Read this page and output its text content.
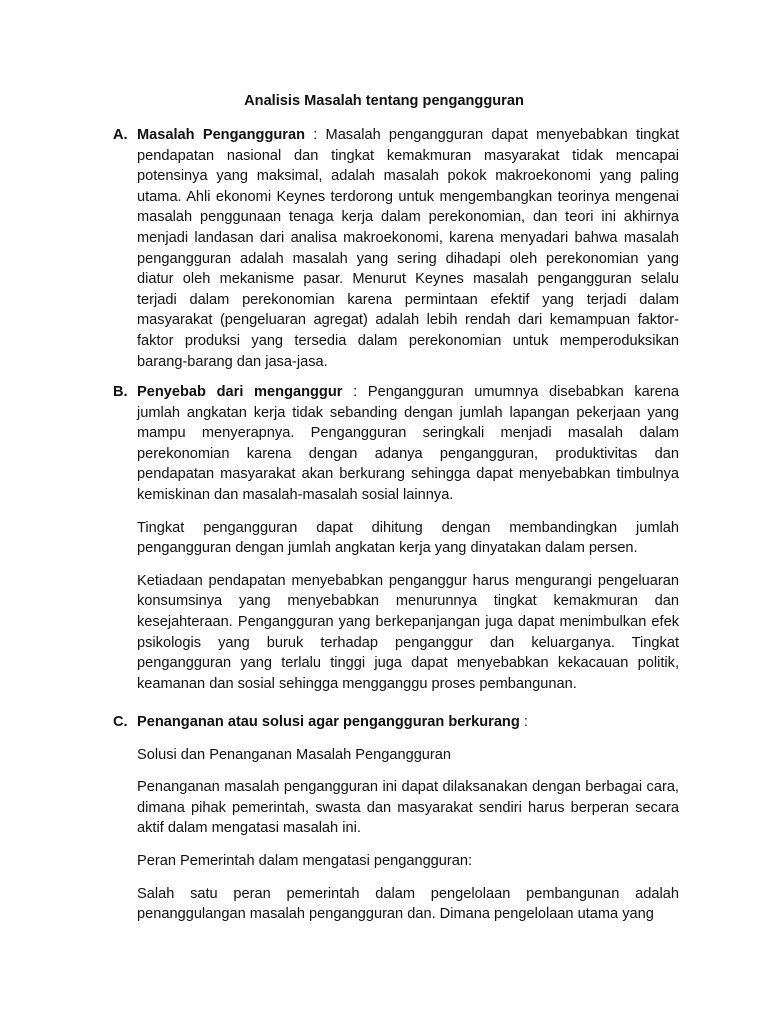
Analisis Masalah tentang pengangguran
A. Masalah Pengangguran : Masalah pengangguran dapat menyebabkan tingkat pendapatan nasional dan tingkat kemakmuran masyarakat tidak mencapai potensinya yang maksimal, adalah masalah pokok makroekonomi yang paling utama. Ahli ekonomi Keynes terdorong untuk mengembangkan teorinya mengenai masalah penggunaan tenaga kerja dalam perekonomian, dan teori ini akhirnya menjadi landasan dari analisa makroekonomi, karena menyadari bahwa masalah pengangguran adalah masalah yang sering dihadapi oleh perekonomian yang diatur oleh mekanisme pasar. Menurut Keynes masalah pengangguran selalu terjadi dalam perekonomian karena permintaan efektif yang terjadi dalam masyarakat (pengeluaran agregat) adalah lebih rendah dari kemampuan faktor-faktor produksi yang tersedia dalam perekonomian untuk memperoduksikan barang-barang dan jasa-jasa.

B. Penyebab dari menganggur : Pengangguran umumnya disebabkan karena jumlah angkatan kerja tidak sebanding dengan jumlah lapangan pekerjaan yang mampu menyerapnya. Pengangguran seringkali menjadi masalah dalam perekonomian karena dengan adanya pengangguran, produktivitas dan pendapatan masyarakat akan berkurang sehingga dapat menyebabkan timbulnya kemiskinan dan masalah-masalah sosial lainnya.

Tingkat pengangguran dapat dihitung dengan membandingkan jumlah pengangguran dengan jumlah angkatan kerja yang dinyatakan dalam persen.

Ketiadaan pendapatan menyebabkan penganggur harus mengurangi pengeluaran konsumsinya yang menyebabkan menurunnya tingkat kemakmuran dan kesejahteraan. Pengangguran yang berkepanjangan juga dapat menimbulkan efek psikologis yang buruk terhadap penganggur dan keluarganya. Tingkat pengangguran yang terlalu tinggi juga dapat menyebabkan kekacauan politik, keamanan dan sosial sehingga mengganggu proses pembangunan.

C. Penanganan atau solusi agar pengangguran berkurang :

Solusi dan Penanganan Masalah Pengangguran

Penanganan masalah pengangguran ini dapat dilaksanakan dengan berbagai cara, dimana pihak pemerintah, swasta dan masyarakat sendiri harus berperan secara aktif dalam mengatasi masalah ini.

Peran Pemerintah dalam mengatasi pengangguran:

Salah satu peran pemerintah dalam pengelolaan pembangunan adalah penanggulangan masalah pengangguran dan. Dimana pengelolaan utama yang
